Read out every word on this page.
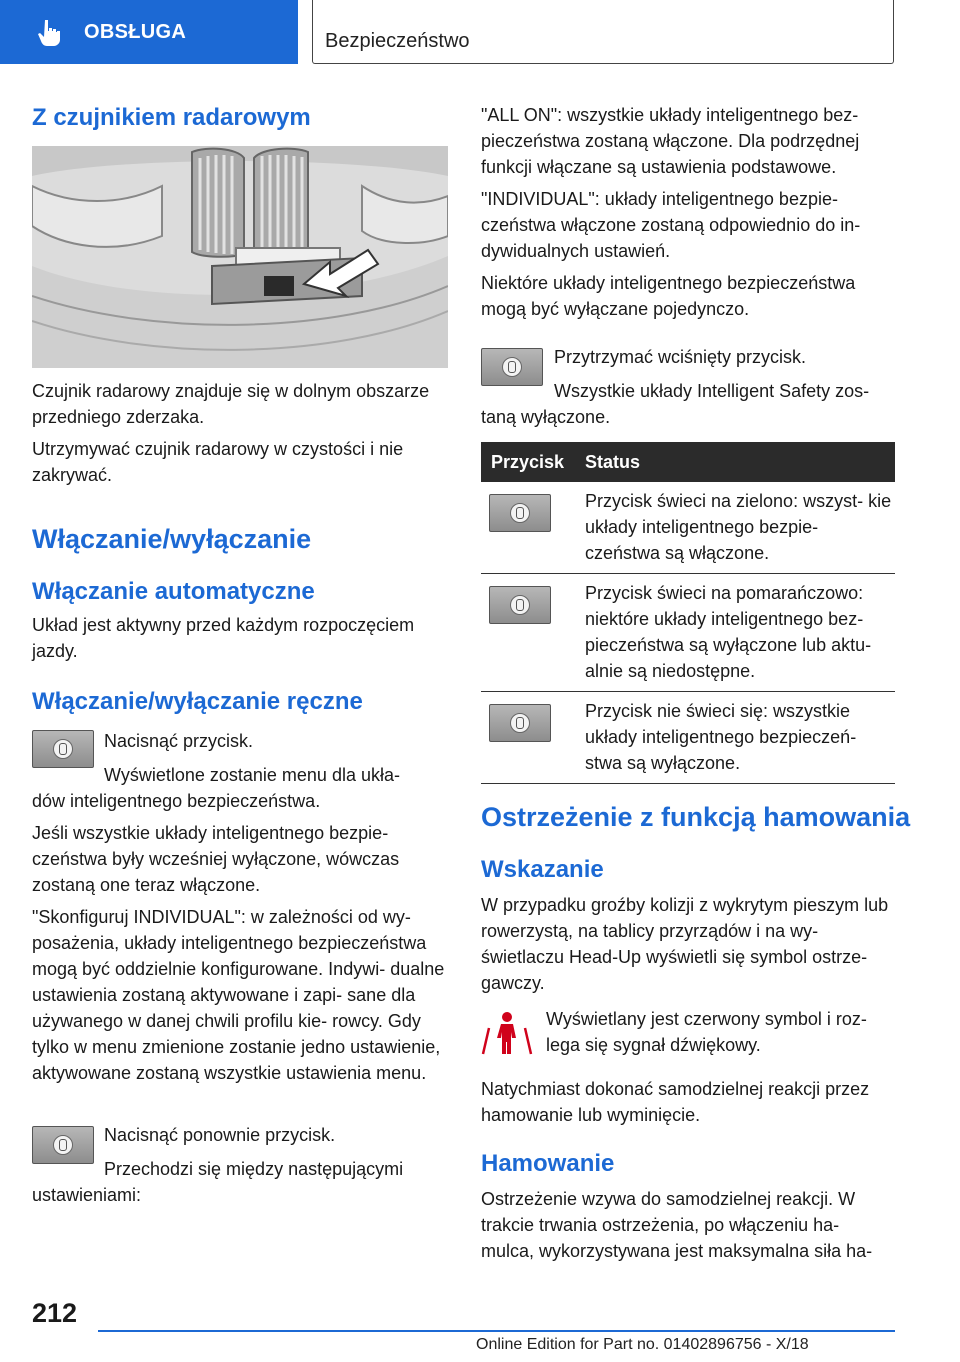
OBSŁUGA	Bezpieczeństwo
Z czujnikiem radarowym

Czujnik radarowy znajduje się w dolnym obszarze przedniego zderzaka.

Utrzymywać czujnik radarowy w czystości i nie zakrywać.

Włączanie/wyłączanie
Włączanie automatyczne

Układ jest aktywny przed każdym rozpoczęciem jazdy.

Włączanie/wyłączanie ręczne

Nacisnąć przycisk.

Wyświetlone zostanie menu dla ukła-

dów inteligentnego bezpieczeństwa.

Jeśli wszystkie układy inteligentnego bezpie- czeństwa były wcześniej wyłączone, wówczas zostaną one teraz włączone.

"Skonfiguruj INDIVIDUAL": w zależności od wy- posażenia, układy inteligentnego bezpieczeństwa mogą być oddzielnie konfigurowane. Indywi- dualne ustawienia zostaną aktywowane i zapi- sane dla używanego w danej chwili profilu kie- rowcy. Gdy tylko w menu zmienione zostanie jedno ustawienie, aktywowane zostaną wszystkie ustawienia menu.

Nacisnąć ponownie przycisk.

Przechodzi się między następującymi

ustawieniami:

"ALL ON": wszystkie układy inteligentnego bez- pieczeństwa zostaną włączone. Dla podrzędnej funkcji włączane są ustawienia podstawowe.

"INDIVIDUAL": układy inteligentnego bezpie- czeństwa włączone zostaną odpowiednio do in- dywidualnych ustawień.

Niektóre układy inteligentnego bezpieczeństwa mogą być wyłączane pojedynczo.

Przytrzymać wciśnięty przycisk.

Wszystkie układy Intelligent Safety zos-

taną wyłączone.

Przycisk	Status

	Przycisk świeci na zielono: wszyst- kie układy inteligentnego bezpie- czeństwa są włączone.

	Przycisk świeci na pomarańczowo: niektóre układy inteligentnego bez- pieczeństwa są wyłączone lub aktu- alnie są niedostępne.

	Przycisk nie świeci się: wszystkie układy inteligentnego bezpieczeń- stwa są wyłączone.
Ostrzeżenie z funkcją hamowania
Wskazanie

W przypadku groźby kolizji z wykrytym pieszym lub rowerzystą, na tablicy przyrządów i na wy- świetlaczu Head-Up wyświetli się symbol ostrze- gawczy.

Wyświetlany jest czerwony symbol i roz-

lega się sygnał dźwiękowy.

Natychmiast dokonać samodzielnej reakcji przez hamowanie lub wyminięcie.

Hamowanie

Ostrzeżenie wzywa do samodzielnej reakcji. W trakcie trwania ostrzeżenia, po włączeniu ha- mulca, wykorzystywana jest maksymalna siła ha-

212
Online Edition for Part no. 01402896756 - X/18
